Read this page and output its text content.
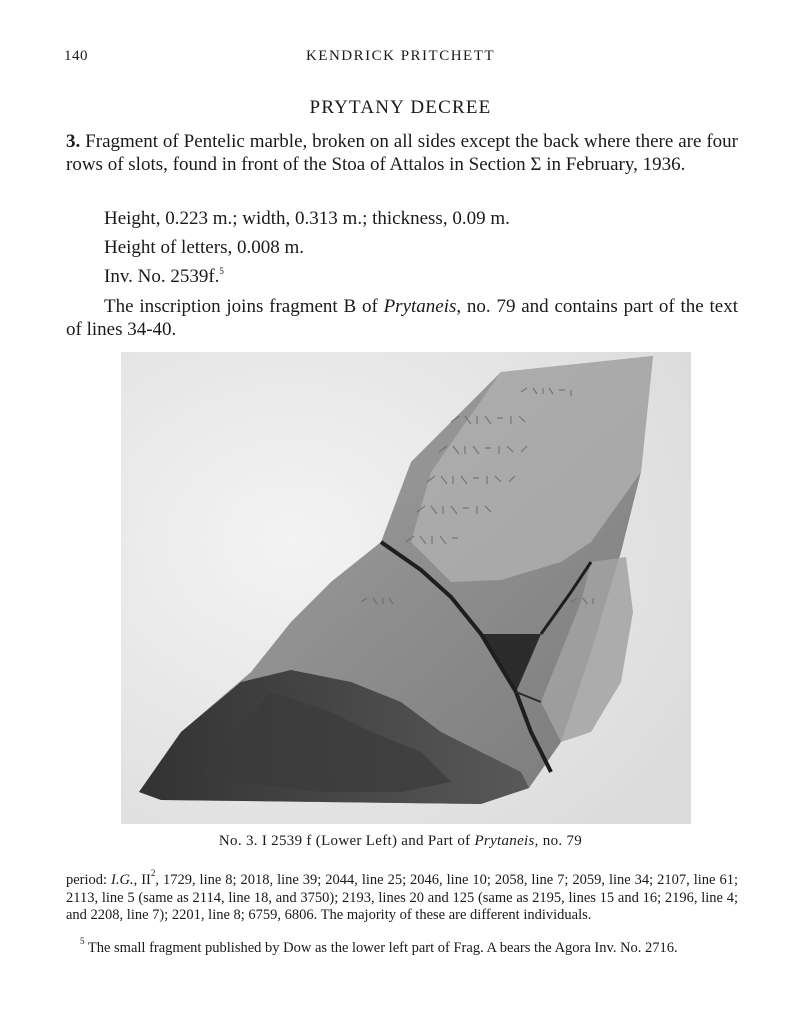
140	KENDRICK PRITCHETT
PRYTANY DECREE
3. Fragment of Pentelic marble, broken on all sides except the back where there are four rows of slots, found in front of the Stoa of Attalos in Section Σ in February, 1936.
Height, 0.223 m.; width, 0.313 m.; thickness, 0.09 m.
Height of letters, 0.008 m.
Inv. No. 2539f.$^5$
The inscription joins fragment B of Prytaneis, no. 79 and contains part of the text of lines 34-40.
No. 3. I 2539 f (Lower Left) and Part of Prytaneis, no. 79
period: I.G., $II^2$, 1729, line 8; 2018, line 39; 2044, line 25; 2046, line 10; 2058, line 7; 2059, line 34; 2107, line 61; 2113, line 5 (same as 2114, line 18, and 3750); 2193, lines 20 and 125 (same as 2195, lines 15 and 16; 2196, line 4; and 2208, line 7); 2201, line 8; 6759, 6806. The majority of these are different individuals.
$^5$ The small fragment published by Dow as the lower left part of Frag. A bears the Agora Inv. No. 2716.
